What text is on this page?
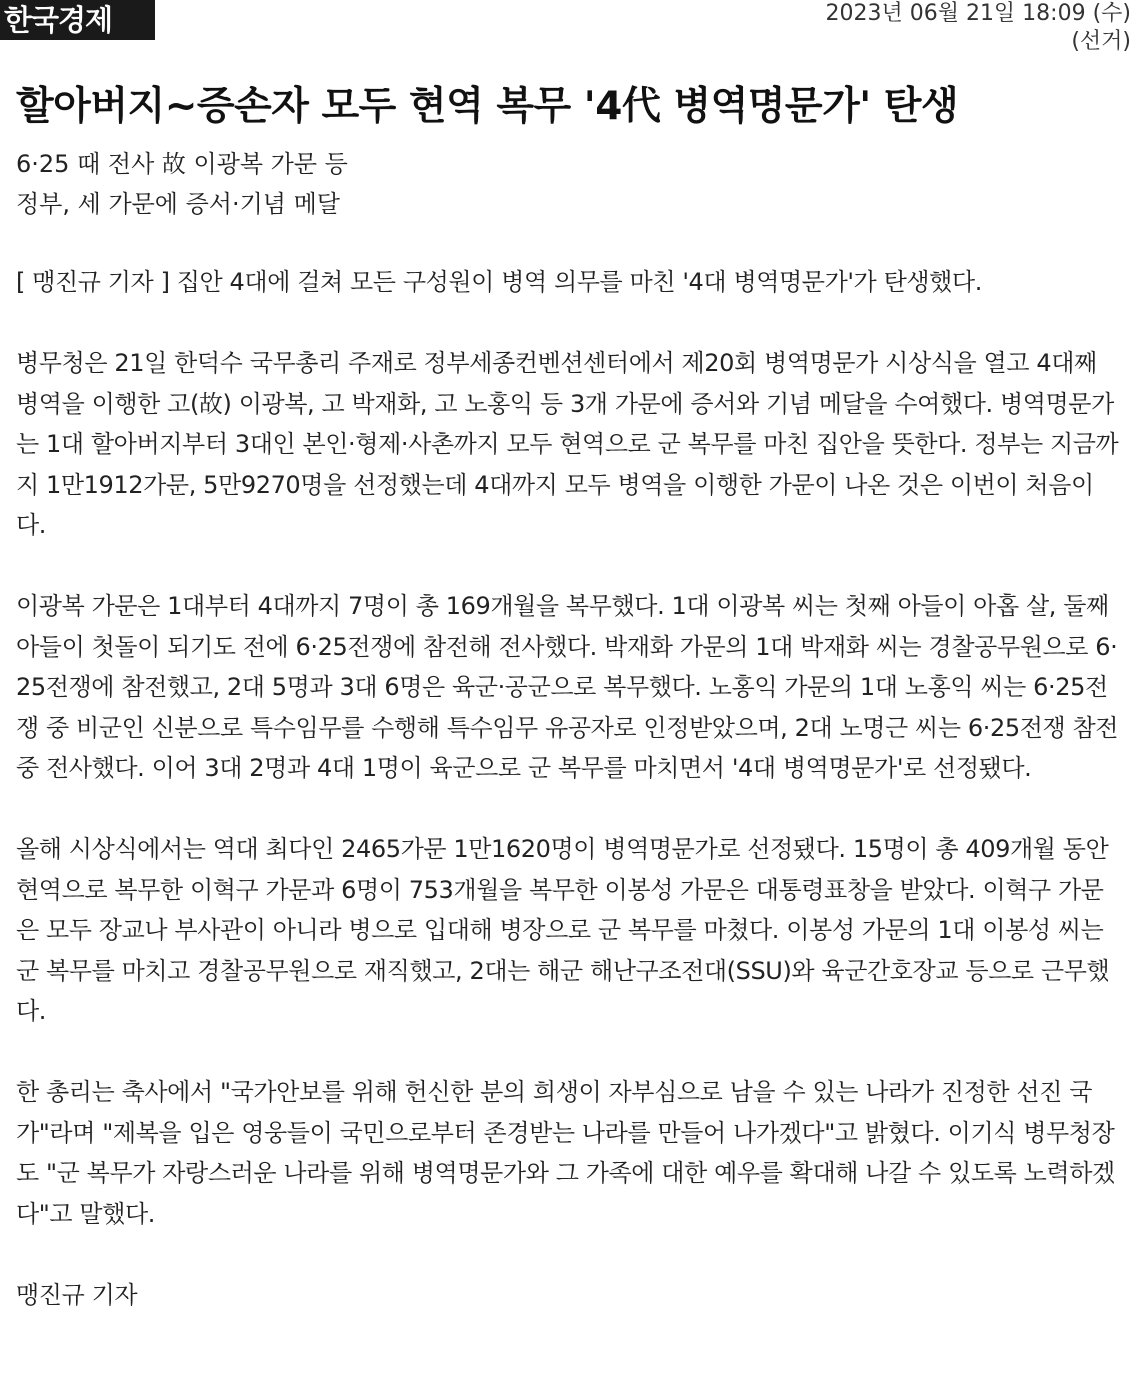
한국경제	2023년 06월 21일 18:09 (수)
(선거)
할아버지~증손자 모두 현역 복무 '4代 병역명문가' 탄생
6·25 때 전사 故 이광복 가문 등
정부, 세 가문에 증서·기념 메달

[ 맹진규 기자 ] 집안 4대에 걸쳐 모든 구성원이 병역 의무를 마친 '4대 병역명문가'가 탄생했다.

병무청은 21일 한덕수 국무총리 주재로 정부세종컨벤션센터에서 제20회 병역명문가 시상식을 열고 4대째 병역을 이행한 고(故) 이광복, 고 박재화, 고 노홍익 등 3개 가문에 증서와 기념 메달을 수여했다. 병역명문가는 1대 할아버지부터 3대인 본인·형제·사촌까지 모두 현역으로 군 복무를 마친 집안을 뜻한다. 정부는 지금까지 1만1912가문, 5만9270명을 선정했는데 4대까지 모두 병역을 이행한 가문이 나온 것은 이번이 처음이다.

이광복 가문은 1대부터 4대까지 7명이 총 169개월을 복무했다. 1대 이광복 씨는 첫째 아들이 아홉 살, 둘째 아들이 첫돌이 되기도 전에 6·25전쟁에 참전해 전사했다. 박재화 가문의 1대 박재화 씨는 경찰공무원으로 6·25전쟁에 참전했고, 2대 5명과 3대 6명은 육군·공군으로 복무했다. 노홍익 가문의 1대 노홍익 씨는 6·25전쟁 중 비군인 신분으로 특수임무를 수행해 특수임무 유공자로 인정받았으며, 2대 노명근 씨는 6·25전쟁 참전 중 전사했다. 이어 3대 2명과 4대 1명이 육군으로 군 복무를 마치면서 '4대 병역명문가'로 선정됐다.

올해 시상식에서는 역대 최다인 2465가문 1만1620명이 병역명문가로 선정됐다. 15명이 총 409개월 동안 현역으로 복무한 이혁구 가문과 6명이 753개월을 복무한 이봉성 가문은 대통령표창을 받았다. 이혁구 가문은 모두 장교나 부사관이 아니라 병으로 입대해 병장으로 군 복무를 마쳤다. 이봉성 가문의 1대 이봉성 씨는 군 복무를 마치고 경찰공무원으로 재직했고, 2대는 해군 해난구조전대(SSU)와 육군간호장교 등으로 근무했다.

한 총리는 축사에서 "국가안보를 위해 헌신한 분의 희생이 자부심으로 남을 수 있는 나라가 진정한 선진 국가"라며 "제복을 입은 영웅들이 국민으로부터 존경받는 나라를 만들어 나가겠다"고 밝혔다. 이기식 병무청장도 "군 복무가 자랑스러운 나라를 위해 병역명문가와 그 가족에 대한 예우를 확대해 나갈 수 있도록 노력하겠다"고 말했다.

맹진규 기자
